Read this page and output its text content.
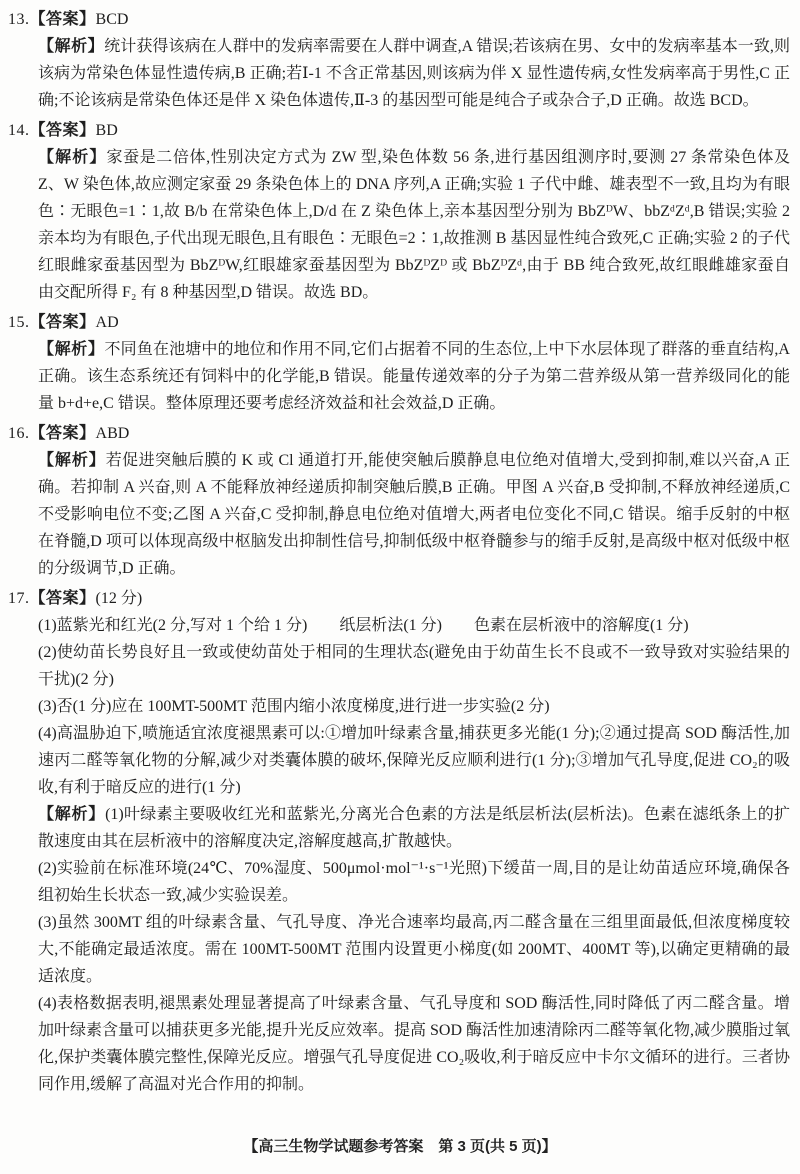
13.【答案】BCD
【解析】统计获得该病在人群中的发病率需要在人群中调查,A 错误;若该病在男、女中的发病率基本一致,则该病为常染色体显性遗传病,B 正确;若Ⅰ-1 不含正常基因,则该病为伴 X 显性遗传病,女性发病率高于男性,C 正确;不论该病是常染色体还是伴 X 染色体遗传,Ⅱ-3 的基因型可能是纯合子或杂合子,D 正确。故选 BCD。
14.【答案】BD
【解析】家蚕是二倍体,性别决定方式为 ZW 型,染色体数 56 条,进行基因组测序时,要测 27 条常染色体及 Z、W 染色体,故应测定家蚕 29 条染色体上的 DNA 序列,A 正确;实验 1 子代中雌、雄表型不一致,且均为有眼色∶无眼色=1∶1,故 B/b 在常染色体上,D/d 在 Z 染色体上,亲本基因型分别为 BbZᴰW、bbZᵈZᵈ,B 错误;实验 2 亲本均为有眼色,子代出现无眼色,且有眼色∶无眼色=2∶1,故推测 B 基因显性纯合致死,C 正确;实验 2 的子代红眼雌家蚕基因型为 BbZᴰW,红眼雄家蚕基因型为 BbZᴰZᴰ 或 BbZᴰZᵈ,由于 BB 纯合致死,故红眼雌雄家蚕自由交配所得 F₂ 有 8 种基因型,D 错误。故选 BD。
15.【答案】AD
【解析】不同鱼在池塘中的地位和作用不同,它们占据着不同的生态位,上中下水层体现了群落的垂直结构,A 正确。该生态系统还有饲料中的化学能,B 错误。能量传递效率的分子为第二营养级从第一营养级同化的能量 b+d+e,C 错误。整体原理还要考虑经济效益和社会效益,D 正确。
16.【答案】ABD
【解析】若促进突触后膜的 K 或 Cl 通道打开,能使突触后膜静息电位绝对值增大,受到抑制,难以兴奋,A 正确。若抑制 A 兴奋,则 A 不能释放神经递质抑制突触后膜,B 正确。甲图 A 兴奋,B 受抑制,不释放神经递质,C 不受影响电位不变;乙图 A 兴奋,C 受抑制,静息电位绝对值增大,两者电位变化不同,C 错误。缩手反射的中枢在脊髓,D 项可以体现高级中枢脑发出抑制性信号,抑制低级中枢脊髓参与的缩手反射,是高级中枢对低级中枢的分级调节,D 正确。
17.【答案】(12 分)
(1)蓝紫光和红光(2 分,写对 1 个给 1 分)　　纸层析法(1 分)　　色素在层析液中的溶解度(1 分)
(2)使幼苗长势良好且一致或使幼苗处于相同的生理状态(避免由于幼苗生长不良或不一致导致对实验结果的干扰)(2 分)
(3)否(1 分)应在 100MT-500MT 范围内缩小浓度梯度,进行进一步实验(2 分)
(4)高温胁迫下,喷施适宜浓度褪黑素可以:①增加叶绿素含量,捕获更多光能(1 分);②通过提高 SOD 酶活性,加速丙二醛等氧化物的分解,减少对类囊体膜的破坏,保障光反应顺利进行(1 分);③增加气孔导度,促进 CO₂的吸收,有利于暗反应的进行(1 分)
【解析】(1)叶绿素主要吸收红光和蓝紫光,分离光合色素的方法是纸层析法(层析法)。色素在滤纸条上的扩散速度由其在层析液中的溶解度决定,溶解度越高,扩散越快。
(2)实验前在标准环境(24℃、70%湿度、500μmol·mol⁻¹·s⁻¹光照)下缓苗一周,目的是让幼苗适应环境,确保各组初始生长状态一致,减少实验误差。
(3)虽然 300MT 组的叶绿素含量、气孔导度、净光合速率均最高,丙二醛含量在三组里面最低,但浓度梯度较大,不能确定最适浓度。需在 100MT-500MT 范围内设置更小梯度(如 200MT、400MT 等),以确定更精确的最适浓度。
(4)表格数据表明,褪黑素处理显著提高了叶绿素含量、气孔导度和 SOD 酶活性,同时降低了丙二醛含量。增加叶绿素含量可以捕获更多光能,提升光反应效率。提高 SOD 酶活性加速清除丙二醛等氧化物,减少膜脂过氧化,保护类囊体膜完整性,保障光反应。增强气孔导度促进 CO₂吸收,利于暗反应中卡尔文循环的进行。三者协同作用,缓解了高温对光合作用的抑制。
【高三生物学试题参考答案　第 3 页(共 5 页)】
